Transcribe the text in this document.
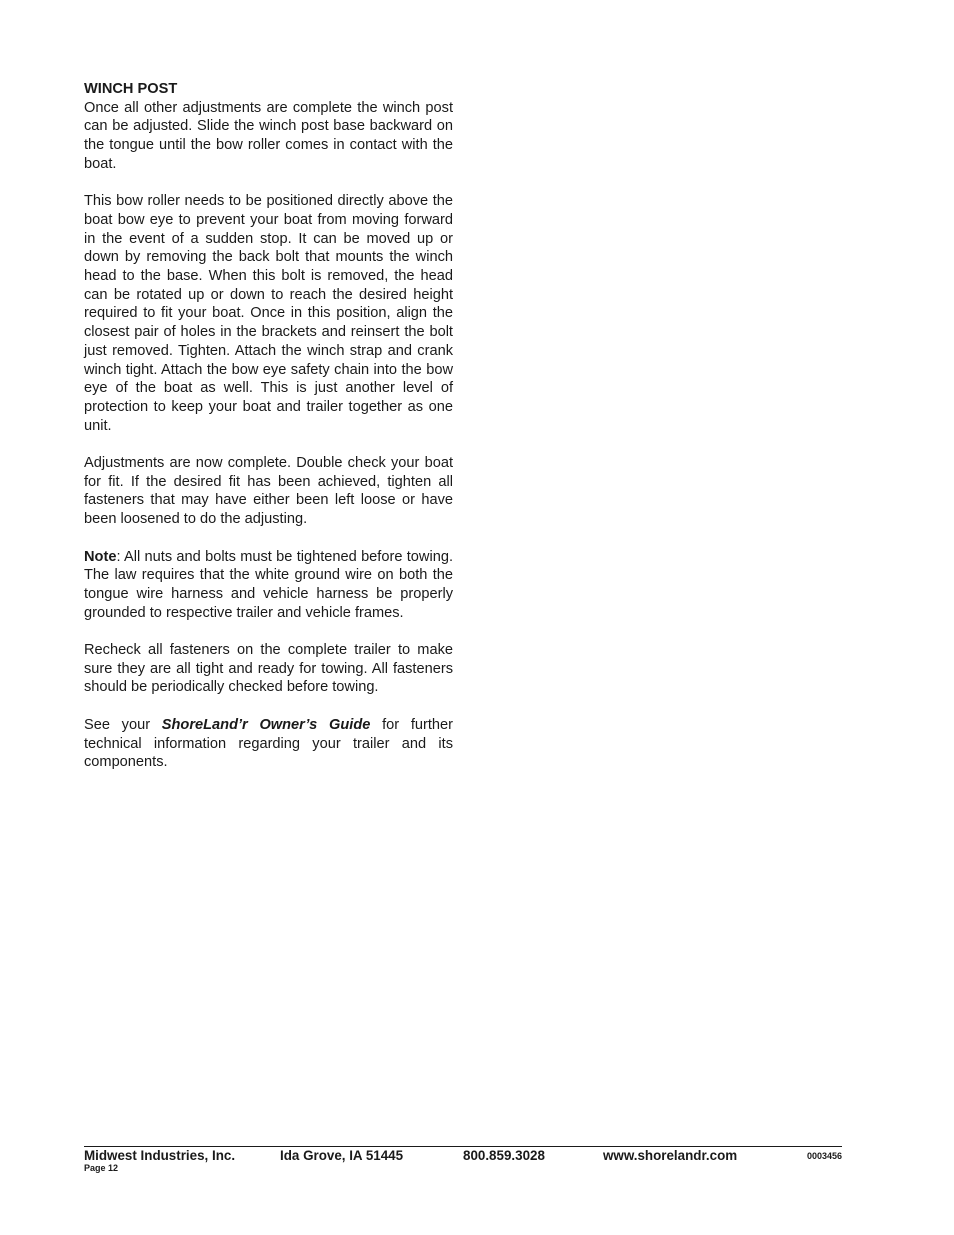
WINCH POST

Once all other adjustments are complete the winch post can be adjusted. Slide the winch post base backward on the tongue until the bow roller comes in contact with the boat.

This bow roller needs to be positioned directly above the boat bow eye to prevent your boat from moving forward in the event of a sudden stop. It can be moved up or down by removing the back bolt that mounts the winch head to the base. When this bolt is removed, the head can be rotated up or down to reach the desired height required to fit your boat. Once in this position, align the closest pair of holes in the brackets and reinsert the bolt just removed. Tighten. Attach the winch strap and crank winch tight. Attach the bow eye safety chain into the bow eye of the boat as well. This is just another level of protection to keep your boat and trailer together as one unit.

Adjustments are now complete. Double check your boat for fit. If the desired fit has been achieved, tighten all fasteners that may have either been left loose or have been loosened to do the adjusting.

Note: All nuts and bolts must be tightened before towing. The law requires that the white ground wire on both the tongue wire harness and vehicle harness be properly grounded to respective trailer and vehicle frames.

Recheck all fasteners on the complete trailer to make sure they are all tight and ready for towing. All fasteners should be periodically checked before towing.

See your ShoreLand’r Owner’s Guide for further technical information regarding your trailer and its components.

Midwest Industries, Inc.	Ida Grove, IA 51445	800.859.3028	www.shorelandr.com	0003456
Page 12
